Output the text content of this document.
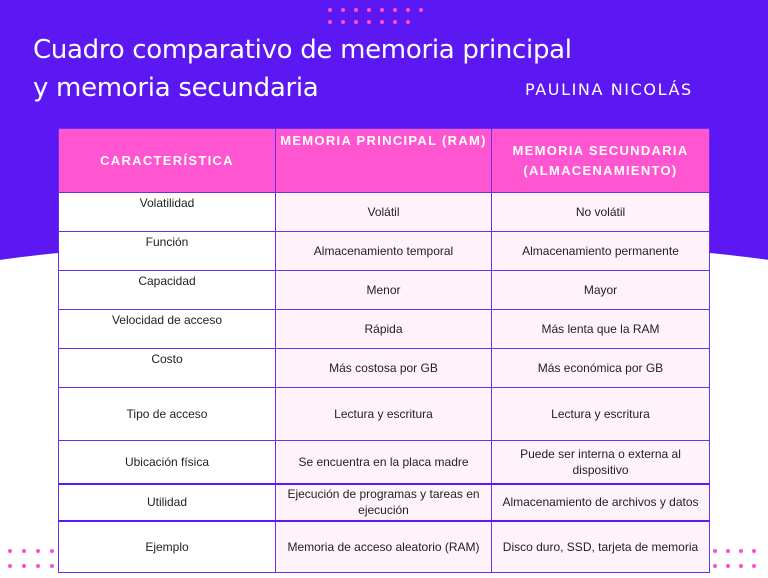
Cuadro comparativo de memoria principal
y memoria secundaria	PAULINA NICOLÁS
CARACTERÍSTICA	MEMORIA PRINCIPAL (RAM)	MEMORIA SECUNDARIA (ALMACENAMIENTO)
Volatilidad	Volátil	No volátil
Función	Almacenamiento temporal	Almacenamiento permanente
Capacidad	Menor	Mayor
Velocidad de acceso	Rápida	Más lenta que la RAM
Costo	Más costosa por GB	Más económica por GB
Tipo de acceso	Lectura y escritura	Lectura y escritura
Ubicación física	Se encuentra en la placa madre	Puede ser interna o externa al dispositivo
Utilidad	Ejecución de programas y tareas en ejecución	Almacenamiento de archivos y datos
Ejemplo	Memoria de acceso aleatorio (RAM)	Disco duro, SSD, tarjeta de memoria
